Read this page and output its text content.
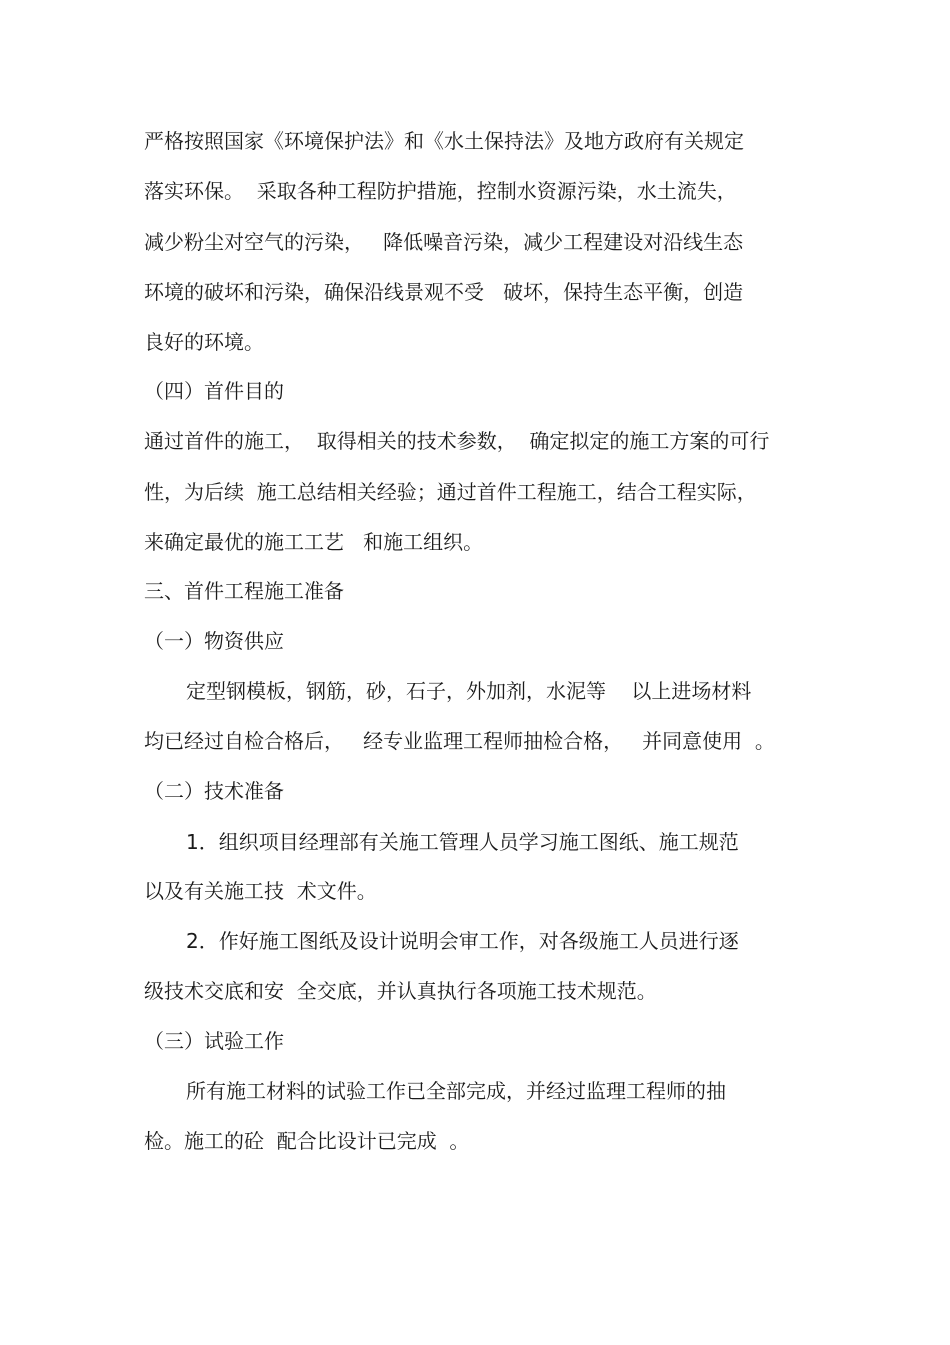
严格按照国家《环境保护法》和《水土保持法》及地方政府有关规定
落实环保。  采取各种工程防护措施，控制水资源污染，水土流失，
减少粉尘对空气的污染，   降低噪音污染，减少工程建设对沿线生态
环境的破坏和污染，确保沿线景观不受   破坏，保持生态平衡，创造
良好的环境。
（四）首件目的
通过首件的施工，  取得相关的技术参数，  确定拟定的施工方案的可行
性，为后续  施工总结相关经验；通过首件工程施工，结合工程实际，
来确定最优的施工工艺   和施工组织。
三、首件工程施工准备
（一）物资供应
定型钢模板，钢筋，砂，石子，外加剂，水泥等    以上进场材料
均已经过自检合格后，   经专业监理工程师抽检合格，   并同意使用  。
（二）技术准备
1．组织项目经理部有关施工管理人员学习施工图纸、施工规范
以及有关施工技  术文件。
2．作好施工图纸及设计说明会审工作，对各级施工人员进行逐
级技术交底和安  全交底，并认真执行各项施工技术规范。
（三）试验工作
所有施工材料的试验工作已全部完成，并经过监理工程师的抽
检。施工的砼  配合比设计已完成  。
